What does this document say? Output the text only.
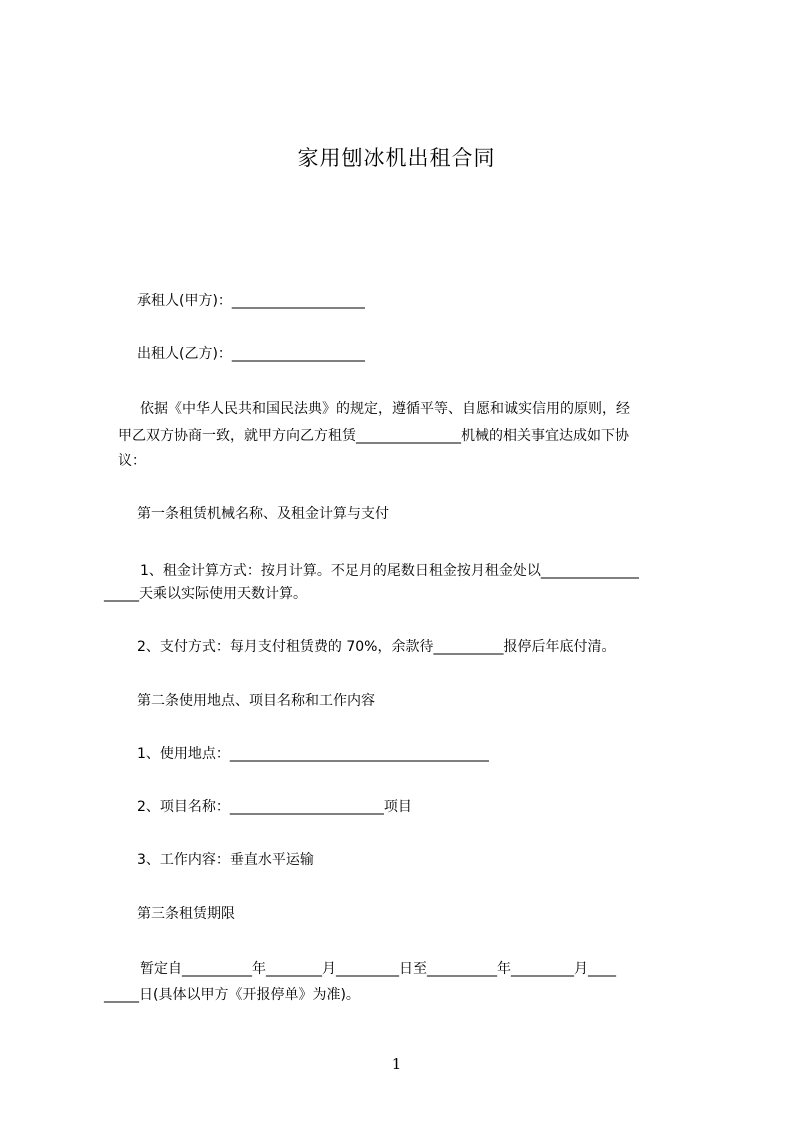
家用刨冰机出租合同
承租人(甲方)：___________________
出租人(乙方)：___________________
依据《中华人民共和国民法典》的规定，遵循平等、自愿和诚实信用的原则，经
甲乙双方协商一致，就甲方向乙方租赁_______________机械的相关事宜达成如下协
议：
第一条租赁机械名称、及租金计算与支付
1、租金计算方式：按月计算。不足月的尾数日租金按月租金处以______________
_____天乘以实际使用天数计算。
2、支付方式：每月支付租赁费的 70%，余款待__________报停后年底付清。
第二条使用地点、项目名称和工作内容
1、使用地点：_____________________________________
2、项目名称：______________________项目
3、工作内容：垂直水平运输
第三条租赁期限
暂定自__________年________月_________日至__________年_________月____
_____日(具体以甲方《开报停单》为准)。
1
